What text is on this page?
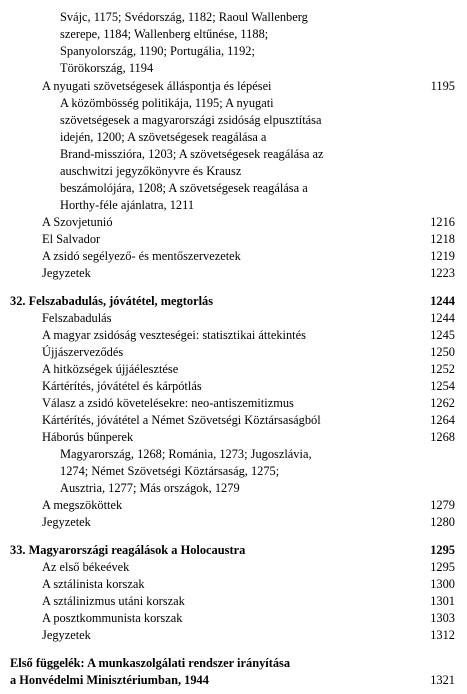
Svájc, 1175; Svédország, 1182; Raoul Wallenberg
szerepe, 1184; Wallenberg eltűnése, 1188;
Spanyolország, 1190; Portugália, 1192;
Törökország, 1194
A nyugati szövetségesek álláspontja és lépései	1195
A közömbösség politikája, 1195; A nyugati
szövetségesek a magyarországi zsidóság elpusztítása
idején, 1200; A szövetségesek reagálása a
Brand-misszióra, 1203; A szövetségesek reagálása az
auschwitzi jegyzőkönyvre és Krausz
beszámolójára, 1208; A szövetségesek reagálása a
Horthy-féle ajánlatra, 1211
A Szovjetunió	1216
El Salvador	1218
A zsidó segélyező- és mentőszervezetek	1219
Jegyzetek	1223
32. Felszabadulás, jóvátétel, megtorlás	1244
Felszabadulás	1244
A magyar zsidóság veszteségei: statisztikai áttekintés	1245
Újjászerveződés	1250
A hitközségek újjáélesztése	1252
Kártérítés, jóvátétel és kárpótlás	1254
Válasz a zsidó követelésekre: neo-antiszemitizmus	1262
Kártérítés, jóvátétel a Német Szövetségi Köztársaságból	1264
Háborús bűnperek	1268
Magyarország, 1268; Románia, 1273; Jugoszlávia,
1274; Német Szövetségi Köztársaság, 1275;
Ausztria, 1277; Más országok, 1279
A megszököttek	1279
Jegyzetek	1280
33. Magyarországi reagálások a Holocaustra	1295
Az első békeévek	1295
A sztálinista korszak	1300
A sztálinizmus utáni korszak	1301
A posztkommunista korszak	1303
Jegyzetek	1312
Első függelék: A munkaszolgálati rendszer irányítása
a Honvédelmi Minisztériumban, 1944	1321
